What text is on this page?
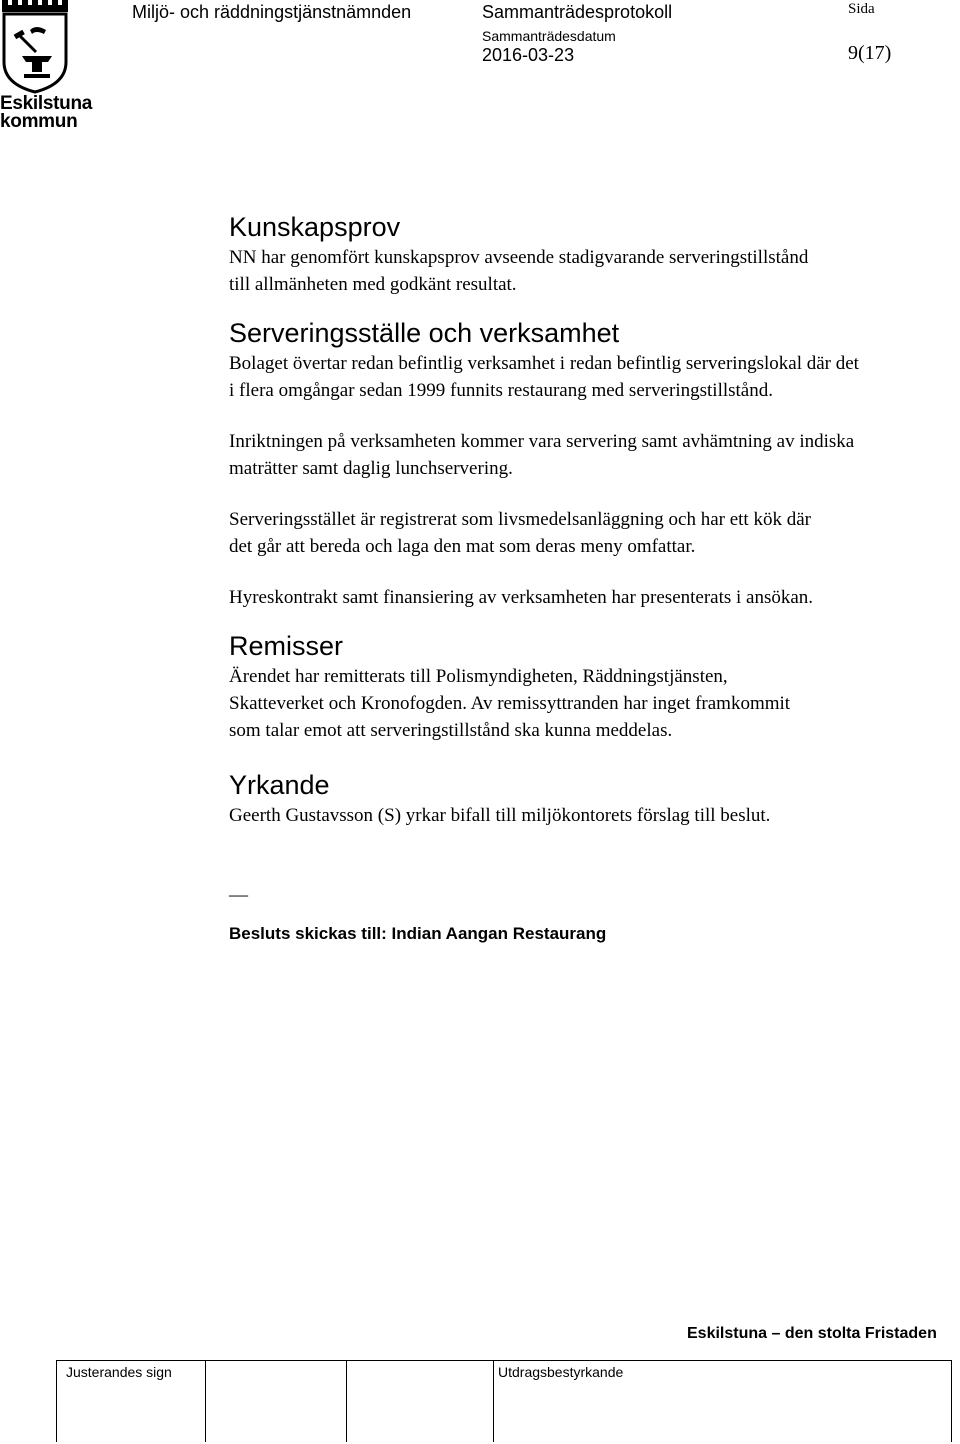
Eskilstuna
kommun
Miljö- och räddningstjänstnämnden	Sammanträdesprotokoll
Sammanträdesdatum
2016-03-23
Sida
9(17)
Kunskapsprov

NN har genomfört kunskapsprov avseende stadigvarande serveringstillstånd
till allmänheten med godkänt resultat.

Serveringsställe och verksamhet

Bolaget övertar redan befintlig verksamhet i redan befintlig serveringslokal där det
i flera omgångar sedan 1999 funnits restaurang med serveringstillstånd.

Inriktningen på verksamheten kommer vara servering samt avhämtning av indiska
maträtter samt daglig lunchservering.

Serveringsstället är registrerat som livsmedelsanläggning och har ett kök där
det går att bereda och laga den mat som deras meny omfattar.

Hyreskontrakt samt finansiering av verksamheten har presenterats i ansökan.

Remisser

Ärendet har remitterats till Polismyndigheten, Räddningstjänsten,
Skatteverket och Kronofogden. Av remissyttranden har inget framkommit
som talar emot att serveringstillstånd ska kunna meddelas.

Yrkande

Geerth Gustavsson (S) yrkar bifall till miljökontorets förslag till beslut.

__
Besluts skickas till: Indian Aangan Restaurang
Eskilstuna – den stolta Fristaden
Justerandes sign	Utdragsbestyrkande
